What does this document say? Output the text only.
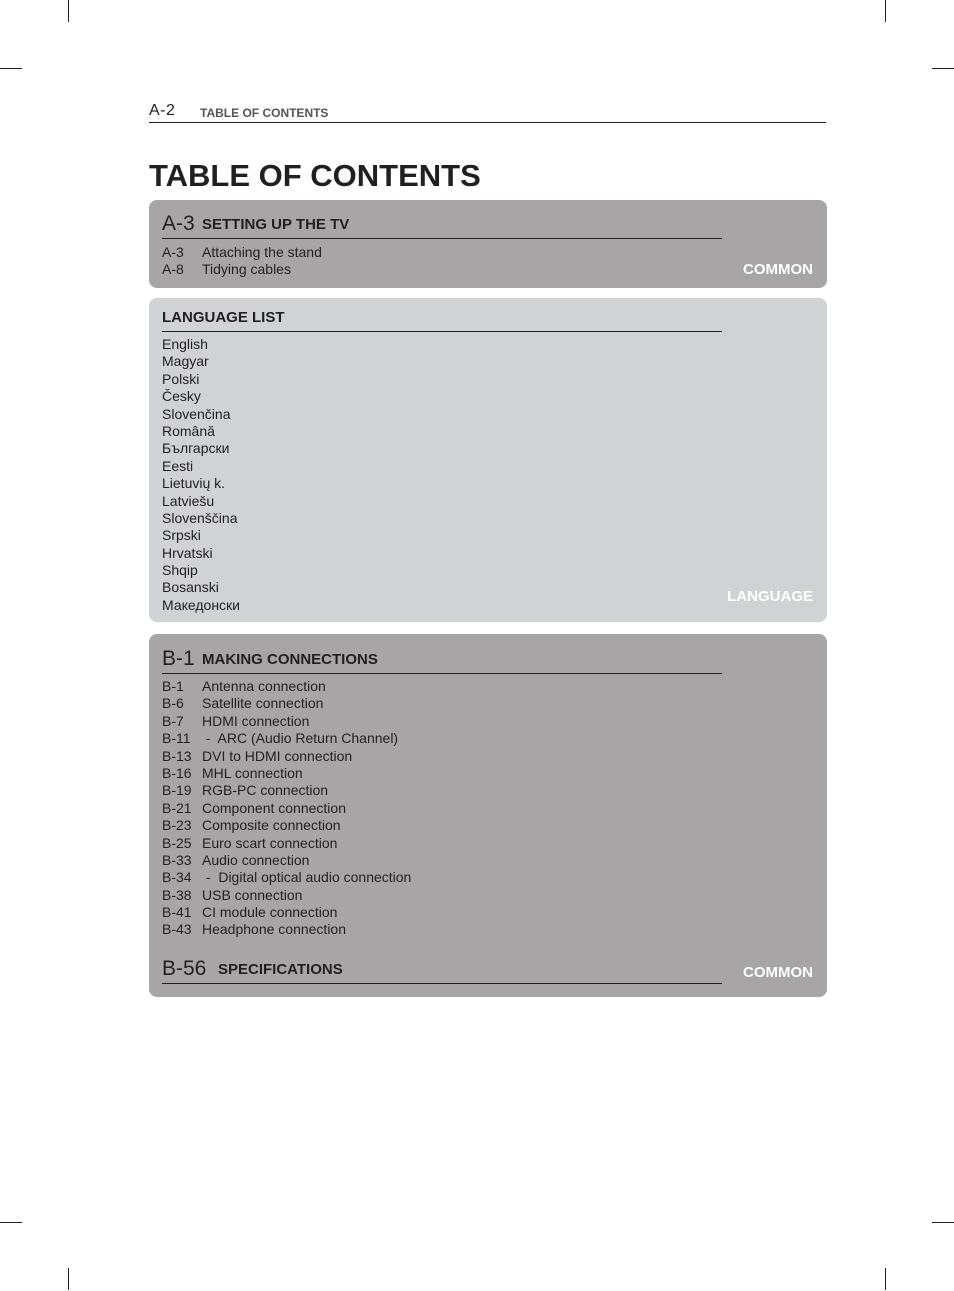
A-2 TABLE OF CONTENTS
TABLE OF CONTENTS
A-3 SETTING UP THE TV
A-3 Attaching the stand
A-8 Tidying cables	COMMON
LANGUAGE LIST
English
Magyar
Polski
Česky
Slovenčina
Română
Български
Eesti
Lietuvių k.
Latviešu
Slovenščina
Srpski
Hrvatski
Shqip
Bosanski
Македонски	LANGUAGE
B-1 MAKING CONNECTIONS
B-1 Antenna connection
B-6 Satellite connection
B-7 HDMI connection
B-11 -  ARC (Audio Return Channel)
B-13 DVI to HDMI connection
B-16 MHL connection
B-19 RGB-PC connection
B-21 Component connection
B-23 Composite connection
B-25 Euro scart connection
B-33 Audio connection
B-34 -  Digital optical audio connection
B-38 USB connection
B-41 CI module connection
B-43 Headphone connection
B-56 SPECIFICATIONS	COMMON
